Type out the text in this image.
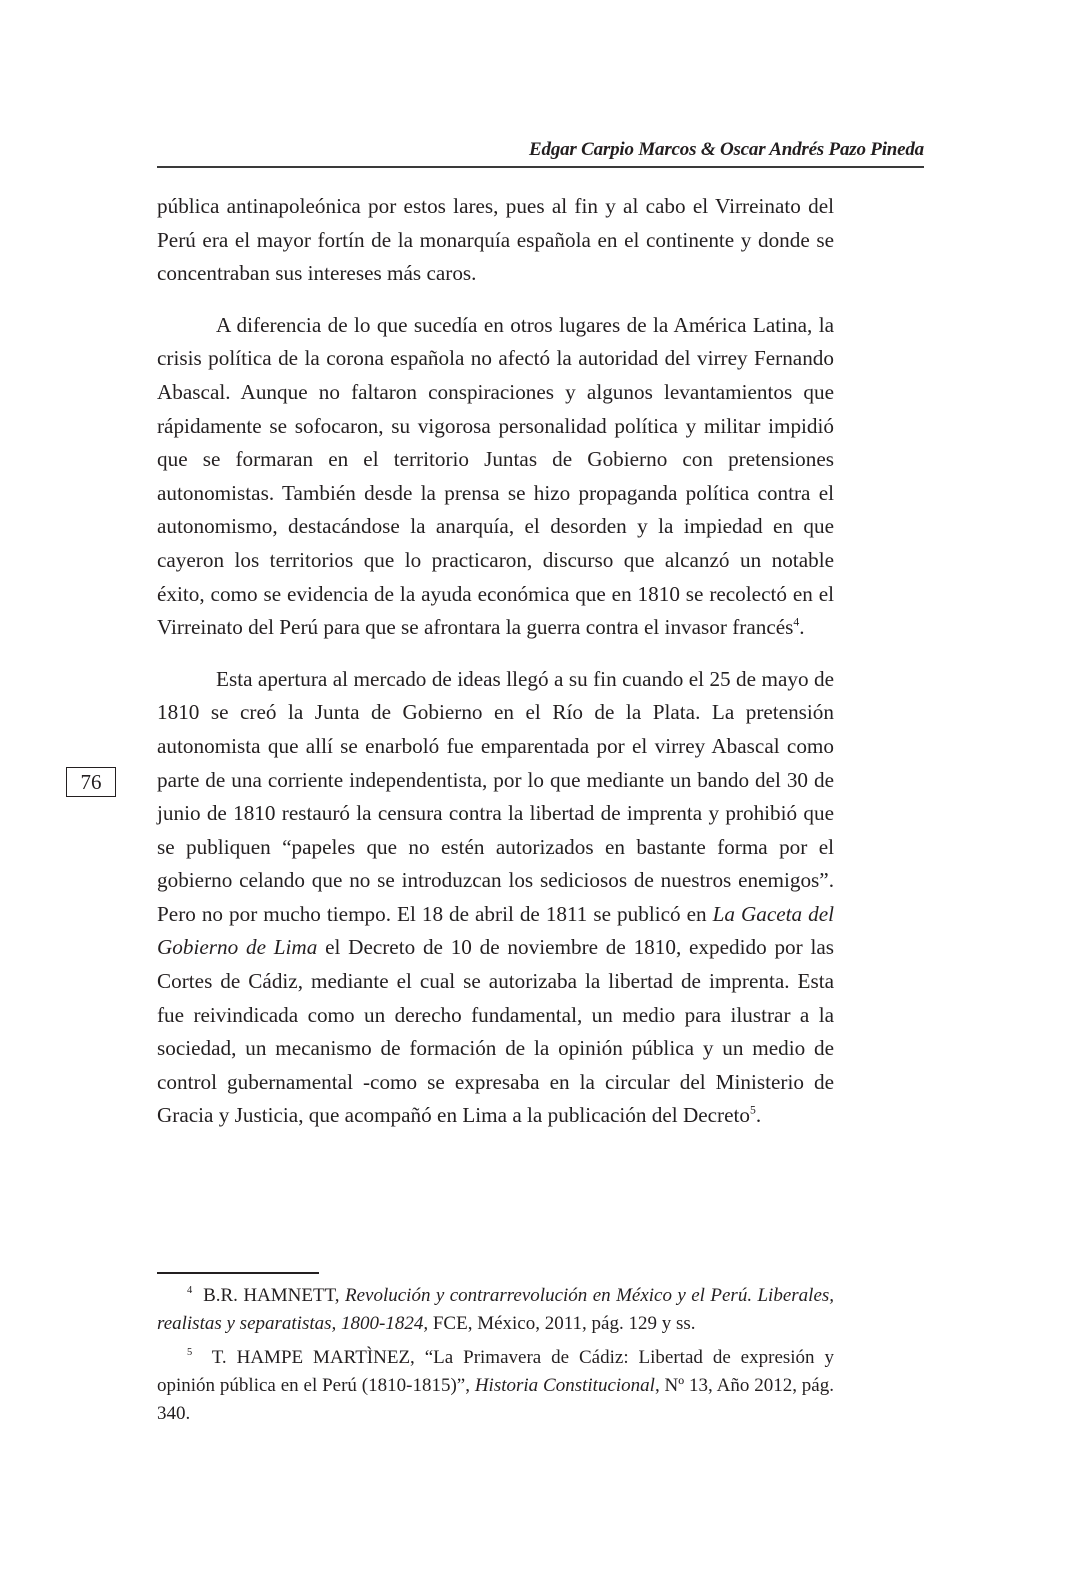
Edgar Carpio Marcos & Oscar Andrés Pazo Pineda
76

pública antinapoleónica por estos lares, pues al fin y al cabo el Virreinato del Perú era el mayor fortín de la monarquía española en el continente y donde se concentraban sus intereses más caros.

A diferencia de lo que sucedía en otros lugares de la América Latina, la crisis política de la corona española no afectó la autoridad del virrey Fernando Abascal. Aunque no faltaron conspiraciones y algunos levantamientos que rápidamente se sofocaron, su vigorosa personalidad política y militar impidió que se formaran en el territorio Juntas de Gobierno con pretensiones autonomistas. También desde la prensa se hizo propaganda política contra el autonomismo, destacándose la anarquía, el desorden y la impiedad en que cayeron los territorios que lo practicaron, discurso que alcanzó un notable éxito, como se evidencia de la ayuda económica que en 1810 se recolectó en el Virreinato del Perú para que se afrontara la guerra contra el invasor francés$^4$.

Esta apertura al mercado de ideas llegó a su fin cuando el 25 de mayo de 1810 se creó la Junta de Gobierno en el Río de la Plata. La pretensión autonomista que allí se enarboló fue emparentada por el virrey Abascal como parte de una corriente independentista, por lo que mediante un bando del 30 de junio de 1810 restauró la censura contra la libertad de imprenta y prohibió que se publiquen “papeles que no estén autorizados en bastante forma por el gobierno celando que no se introduzcan los sediciosos de nuestros enemigos”. Pero no por mucho tiempo. El 18 de abril de 1811 se publicó en La Gaceta del Gobierno de Lima el Decreto de 10 de noviembre de 1810, expedido por las Cortes de Cádiz, mediante el cual se autorizaba la libertad de imprenta. Esta fue reivindicada como un derecho fundamental, un medio para ilustrar a la sociedad, un mecanismo de formación de la opinión pública y un medio de control gubernamental -como se expresaba en la circular del Ministerio de Gracia y Justicia, que acompañó en Lima a la publicación del Decreto$^5$.

$^4$ B.R. HAMNETT, Revolución y contrarrevolución en México y el Perú. Liberales, realistas y separatistas, 1800-1824, FCE, México, 2011, pág. 129 y ss.

$^5$ T. HAMPE MARTÌNEZ, “La Primavera de Cádiz: Libertad de expresión y opinión pública en el Perú (1810-1815)”, Historia Constitucional, Nº 13, Año 2012, pág. 340.
